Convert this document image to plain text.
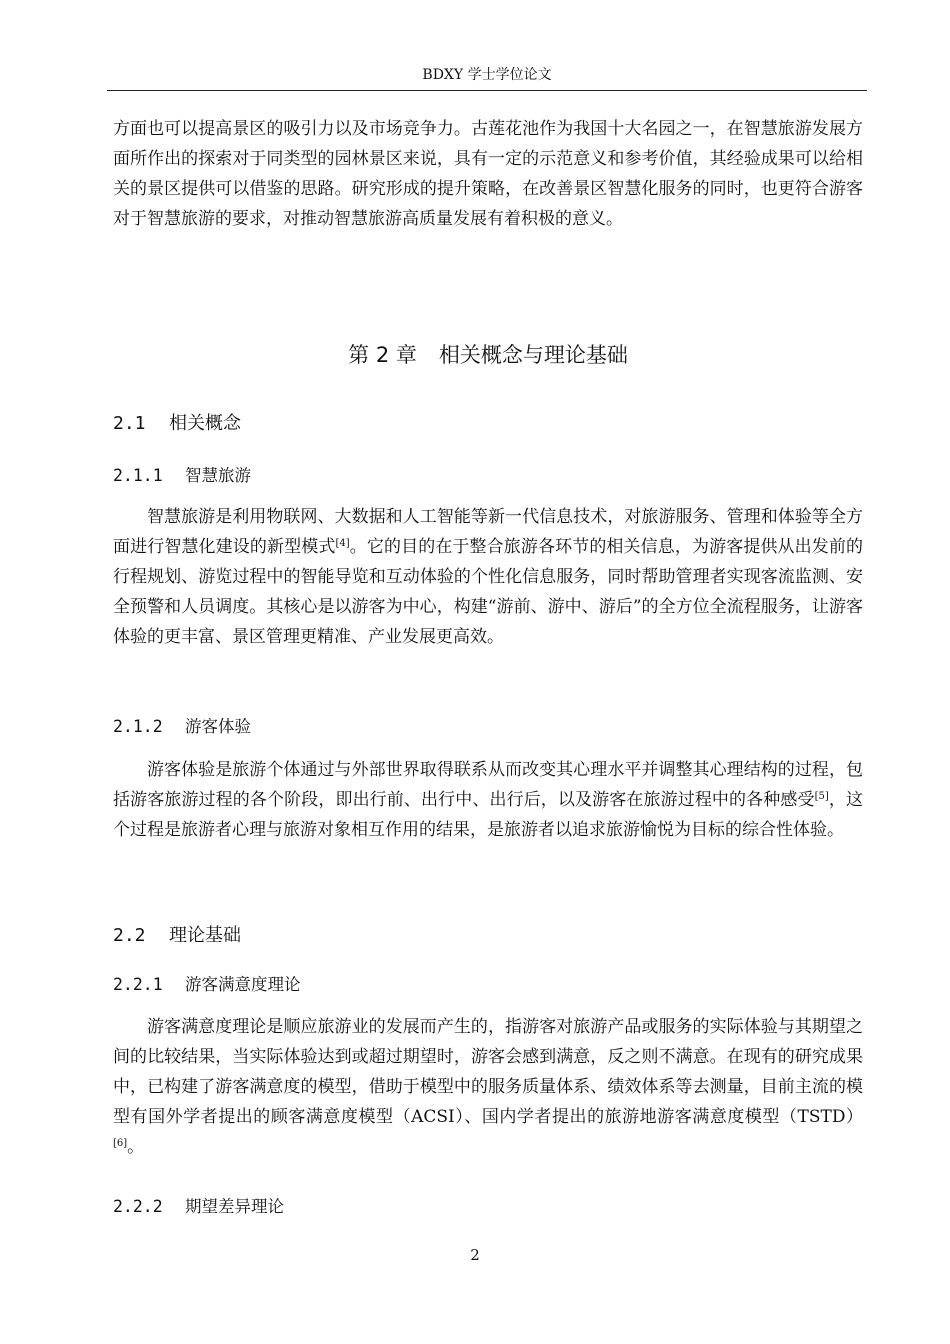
BDXY 学士学位论文

方面也可以提高景区的吸引力以及市场竞争力。古莲花池作为我国十大名园之一，在智慧旅游发展方面所作出的探索对于同类型的园林景区来说，具有一定的示范意义和参考价值，其经验成果可以给相关的景区提供可以借鉴的思路。研究形成的提升策略，在改善景区智慧化服务的同时，也更符合游客对于智慧旅游的要求，对推动智慧旅游高质量发展有着积极的意义。

第 2 章 相关概念与理论基础
2.1 相关概念
2.1.1 智慧旅游

智慧旅游是利用物联网、大数据和人工智能等新一代信息技术，对旅游服务、管理和体验等全方面进行智慧化建设的新型模式[4]。它的目的在于整合旅游各环节的相关信息，为游客提供从出发前的行程规划、游览过程中的智能导览和互动体验的个性化信息服务，同时帮助管理者实现客流监测、安全预警和人员调度。其核心是以游客为中心，构建“游前、游中、游后”的全方位全流程服务，让游客体验的更丰富、景区管理更精准、产业发展更高效。

2.1.2 游客体验

游客体验是旅游个体通过与外部世界取得联系从而改变其心理水平并调整其心理结构的过程，包括游客旅游过程的各个阶段，即出行前、出行中、出行后，以及游客在旅游过程中的各种感受[5]，这个过程是旅游者心理与旅游对象相互作用的结果，是旅游者以追求旅游愉悦为目标的综合性体验。

2.2 理论基础
2.2.1 游客满意度理论

游客满意度理论是顺应旅游业的发展而产生的，指游客对旅游产品或服务的实际体验与其期望之间的比较结果，当实际体验达到或超过期望时，游客会感到满意，反之则不满意。在现有的研究成果中，已构建了游客满意度的模型，借助于模型中的服务质量体系、绩效体系等去测量，目前主流的模型有国外学者提出的顾客满意度模型（ACSI）、国内学者提出的旅游地游客满意度模型（TSTD）[6]。

2.2.2 期望差异理论
2
